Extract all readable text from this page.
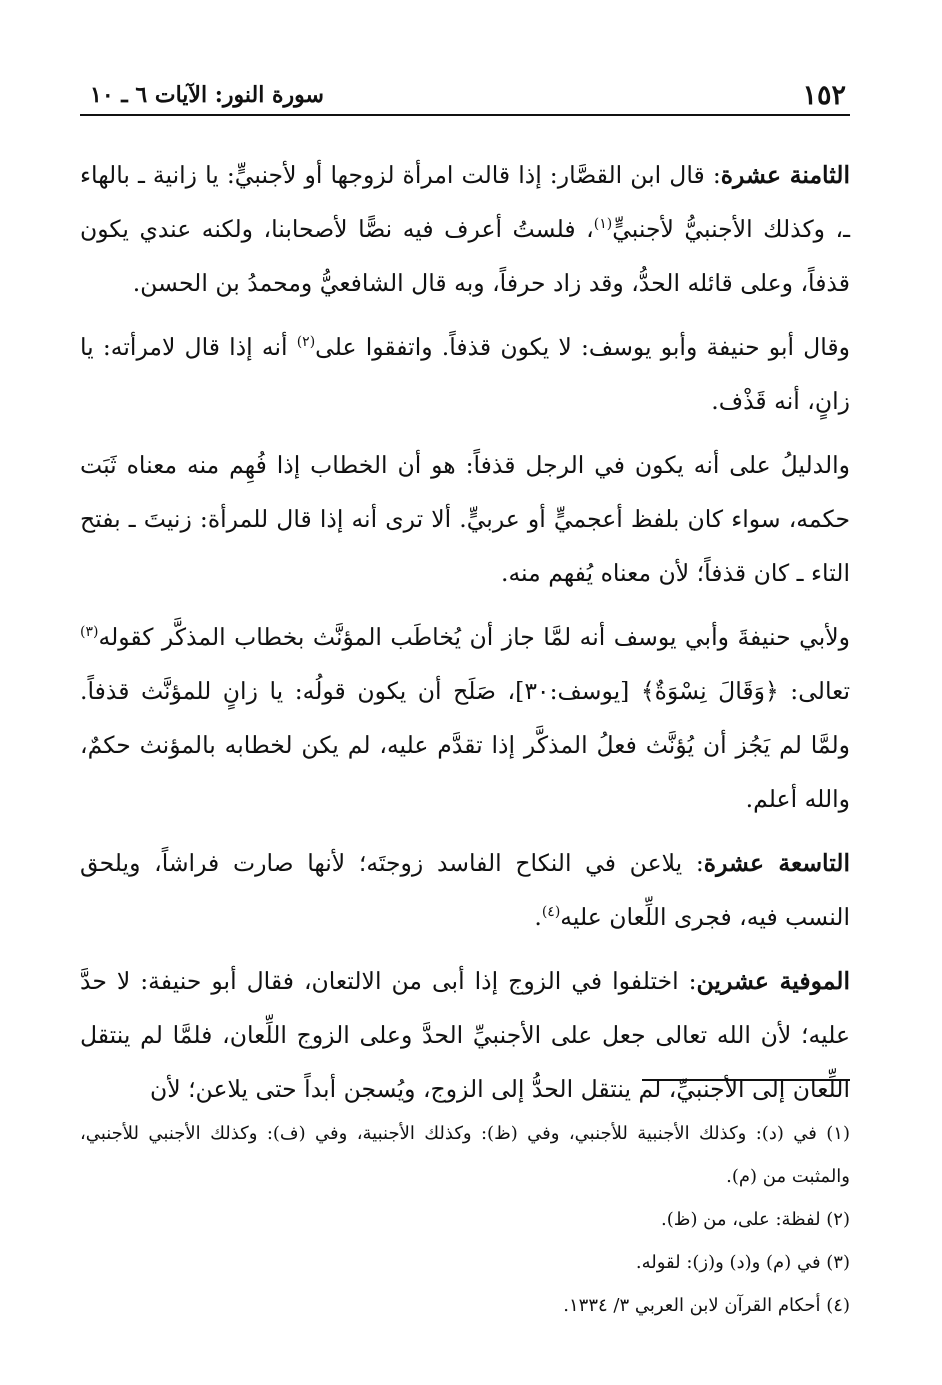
١٥٢
سورة النور: الآيات ٦ ـ ١٠

الثامنة عشرة: قال ابن القصَّار: إذا قالت امرأة لزوجها أو لأجنبيٍّ: يا زانية ـ بالهاء ـ، وكذلك الأجنبيُّ لأجنبيٍّ$^{(١)}$، فلستُ أعرف فيه نصًّا لأصحابنا، ولكنه عندي يكون قذفاً، وعلى قائله الحدُّ، وقد زاد حرفاً، وبه قال الشافعيُّ ومحمدُ بن الحسن.

وقال أبو حنيفة وأبو يوسف: لا يكون قذفاً. واتفقوا على$^{(٢)}$ أنه إذا قال لامرأته: يا زانٍ، أنه قَذْف.

والدليلُ على أنه يكون في الرجل قذفاً: هو أن الخطاب إذا فُهِم منه معناه ثَبَت حكمه، سواء كان بلفظ أعجميٍّ أو عربيٍّ. ألا ترى أنه إذا قال للمرأة: زنيتَ ـ بفتح التاء ـ كان قذفاً؛ لأن معناه يُفهم منه.

ولأبي حنيفةَ وأبي يوسف أنه لمَّا جاز أن يُخاطَب المؤنَّث بخطاب المذكَّر كقوله$^{(٣)}$ تعالى: ﴿وَقَالَ نِسْوَةٌ﴾ [يوسف:٣٠]، صَلَح أن يكون قولُه: يا زانٍ للمؤنَّث قذفاً. ولمَّا لم يَجُز أن يُؤنَّث فعلُ المذكَّر إذا تقدَّم عليه، لم يكن لخطابه بالمؤنث حكمٌ، والله أعلم.

التاسعة عشرة: يلاعن في النكاح الفاسد زوجتَه؛ لأنها صارت فراشاً، ويلحق النسب فيه، فجرى اللِّعان عليه$^{(٤)}$.

الموفية عشرين: اختلفوا في الزوج إذا أبى من الالتعان، فقال أبو حنيفة: لا حدَّ عليه؛ لأن الله تعالى جعل على الأجنبيِّ الحدَّ وعلى الزوج اللِّعان، فلمَّا لم ينتقل اللِّعان إلى الأجنبيِّ، لم ينتقل الحدُّ إلى الزوج، ويُسجن أبداً حتى يلاعن؛ لأن

(١) في (د): وكذلك الأجنبية للأجنبي، وفي (ظ): وكذلك الأجنبية، وفي (ف): وكذلك الأجنبي للأجنبي، والمثبت من (م).

(٢) لفظة: على، من (ظ).

(٣) في (م) و(د) و(ز): لقوله.

(٤) أحكام القرآن لابن العربي ٣/ ١٣٣٤.
